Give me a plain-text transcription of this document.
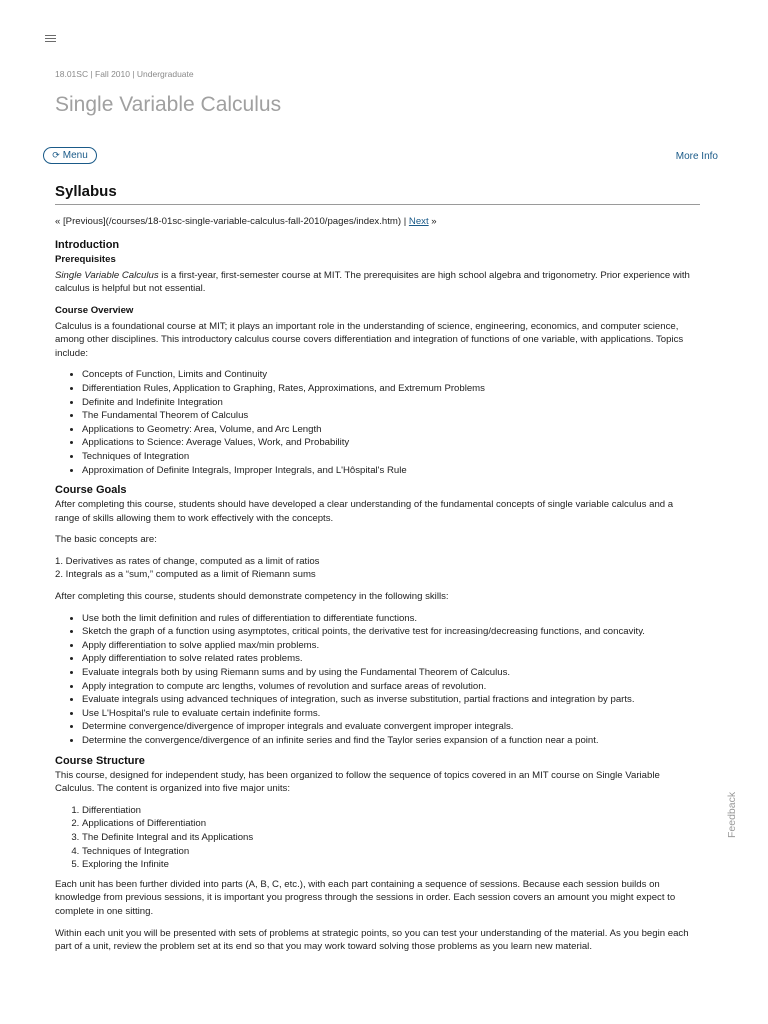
18.01SC | Fall 2010 | Undergraduate
Single Variable Calculus
⟳ Menu	More Info
Syllabus
« [Previous](/courses/18-01sc-single-variable-calculus-fall-2010/pages/index.htm) | Next »
Introduction
Prerequisites

Single Variable Calculus is a first-year, first-semester course at MIT. The prerequisites are high school algebra and trigonometry. Prior experience with calculus is helpful but not essential.

Course Overview

Calculus is a foundational course at MIT; it plays an important role in the understanding of science, engineering, economics, and computer science, among other disciplines. This introductory calculus course covers differentiation and integration of functions of one variable, with applications. Topics include:

• Concepts of Function, Limits and Continuity
• Differentiation Rules, Application to Graphing, Rates, Approximations, and Extremum Problems
• Definite and Indefinite Integration
• The Fundamental Theorem of Calculus
• Applications to Geometry: Area, Volume, and Arc Length
• Applications to Science: Average Values, Work, and Probability
• Techniques of Integration
• Approximation of Definite Integrals, Improper Integrals, and L'Hôspital's Rule
Course Goals

After completing this course, students should have developed a clear understanding of the fundamental concepts of single variable calculus and a range of skills allowing them to work effectively with the concepts.

The basic concepts are:

1. Derivatives as rates of change, computed as a limit of ratios
2. Integrals as a “sum,” computed as a limit of Riemann sums

After completing this course, students should demonstrate competency in the following skills:

• Use both the limit definition and rules of differentiation to differentiate functions.
• Sketch the graph of a function using asymptotes, critical points, the derivative test for increasing/decreasing functions, and concavity.
• Apply differentiation to solve applied max/min problems.
• Apply differentiation to solve related rates problems.
• Evaluate integrals both by using Riemann sums and by using the Fundamental Theorem of Calculus.
• Apply integration to compute arc lengths, volumes of revolution and surface areas of revolution.
• Evaluate integrals using advanced techniques of integration, such as inverse substitution, partial fractions and integration by parts.
• Use L'Hospital's rule to evaluate certain indefinite forms.
• Determine convergence/divergence of improper integrals and evaluate convergent improper integrals.
• Determine the convergence/divergence of an infinite series and find the Taylor series expansion of a function near a point.
Course Structure

This course, designed for independent study, has been organized to follow the sequence of topics covered in an MIT course on Single Variable Calculus. The content is organized into five major units:

1. Differentiation
2. Applications of Differentiation
3. The Definite Integral and its Applications
4. Techniques of Integration
5. Exploring the Infinite

Each unit has been further divided into parts (A, B, C, etc.), with each part containing a sequence of sessions. Because each session builds on knowledge from previous sessions, it is important you progress through the sessions in order. Each session covers an amount you might expect to complete in one sitting.

Within each unit you will be presented with sets of problems at strategic points, so you can test your understanding of the material. As you begin each part of a unit, review the problem set at its end so that you may work toward solving those problems as you learn new material.

Feedback
